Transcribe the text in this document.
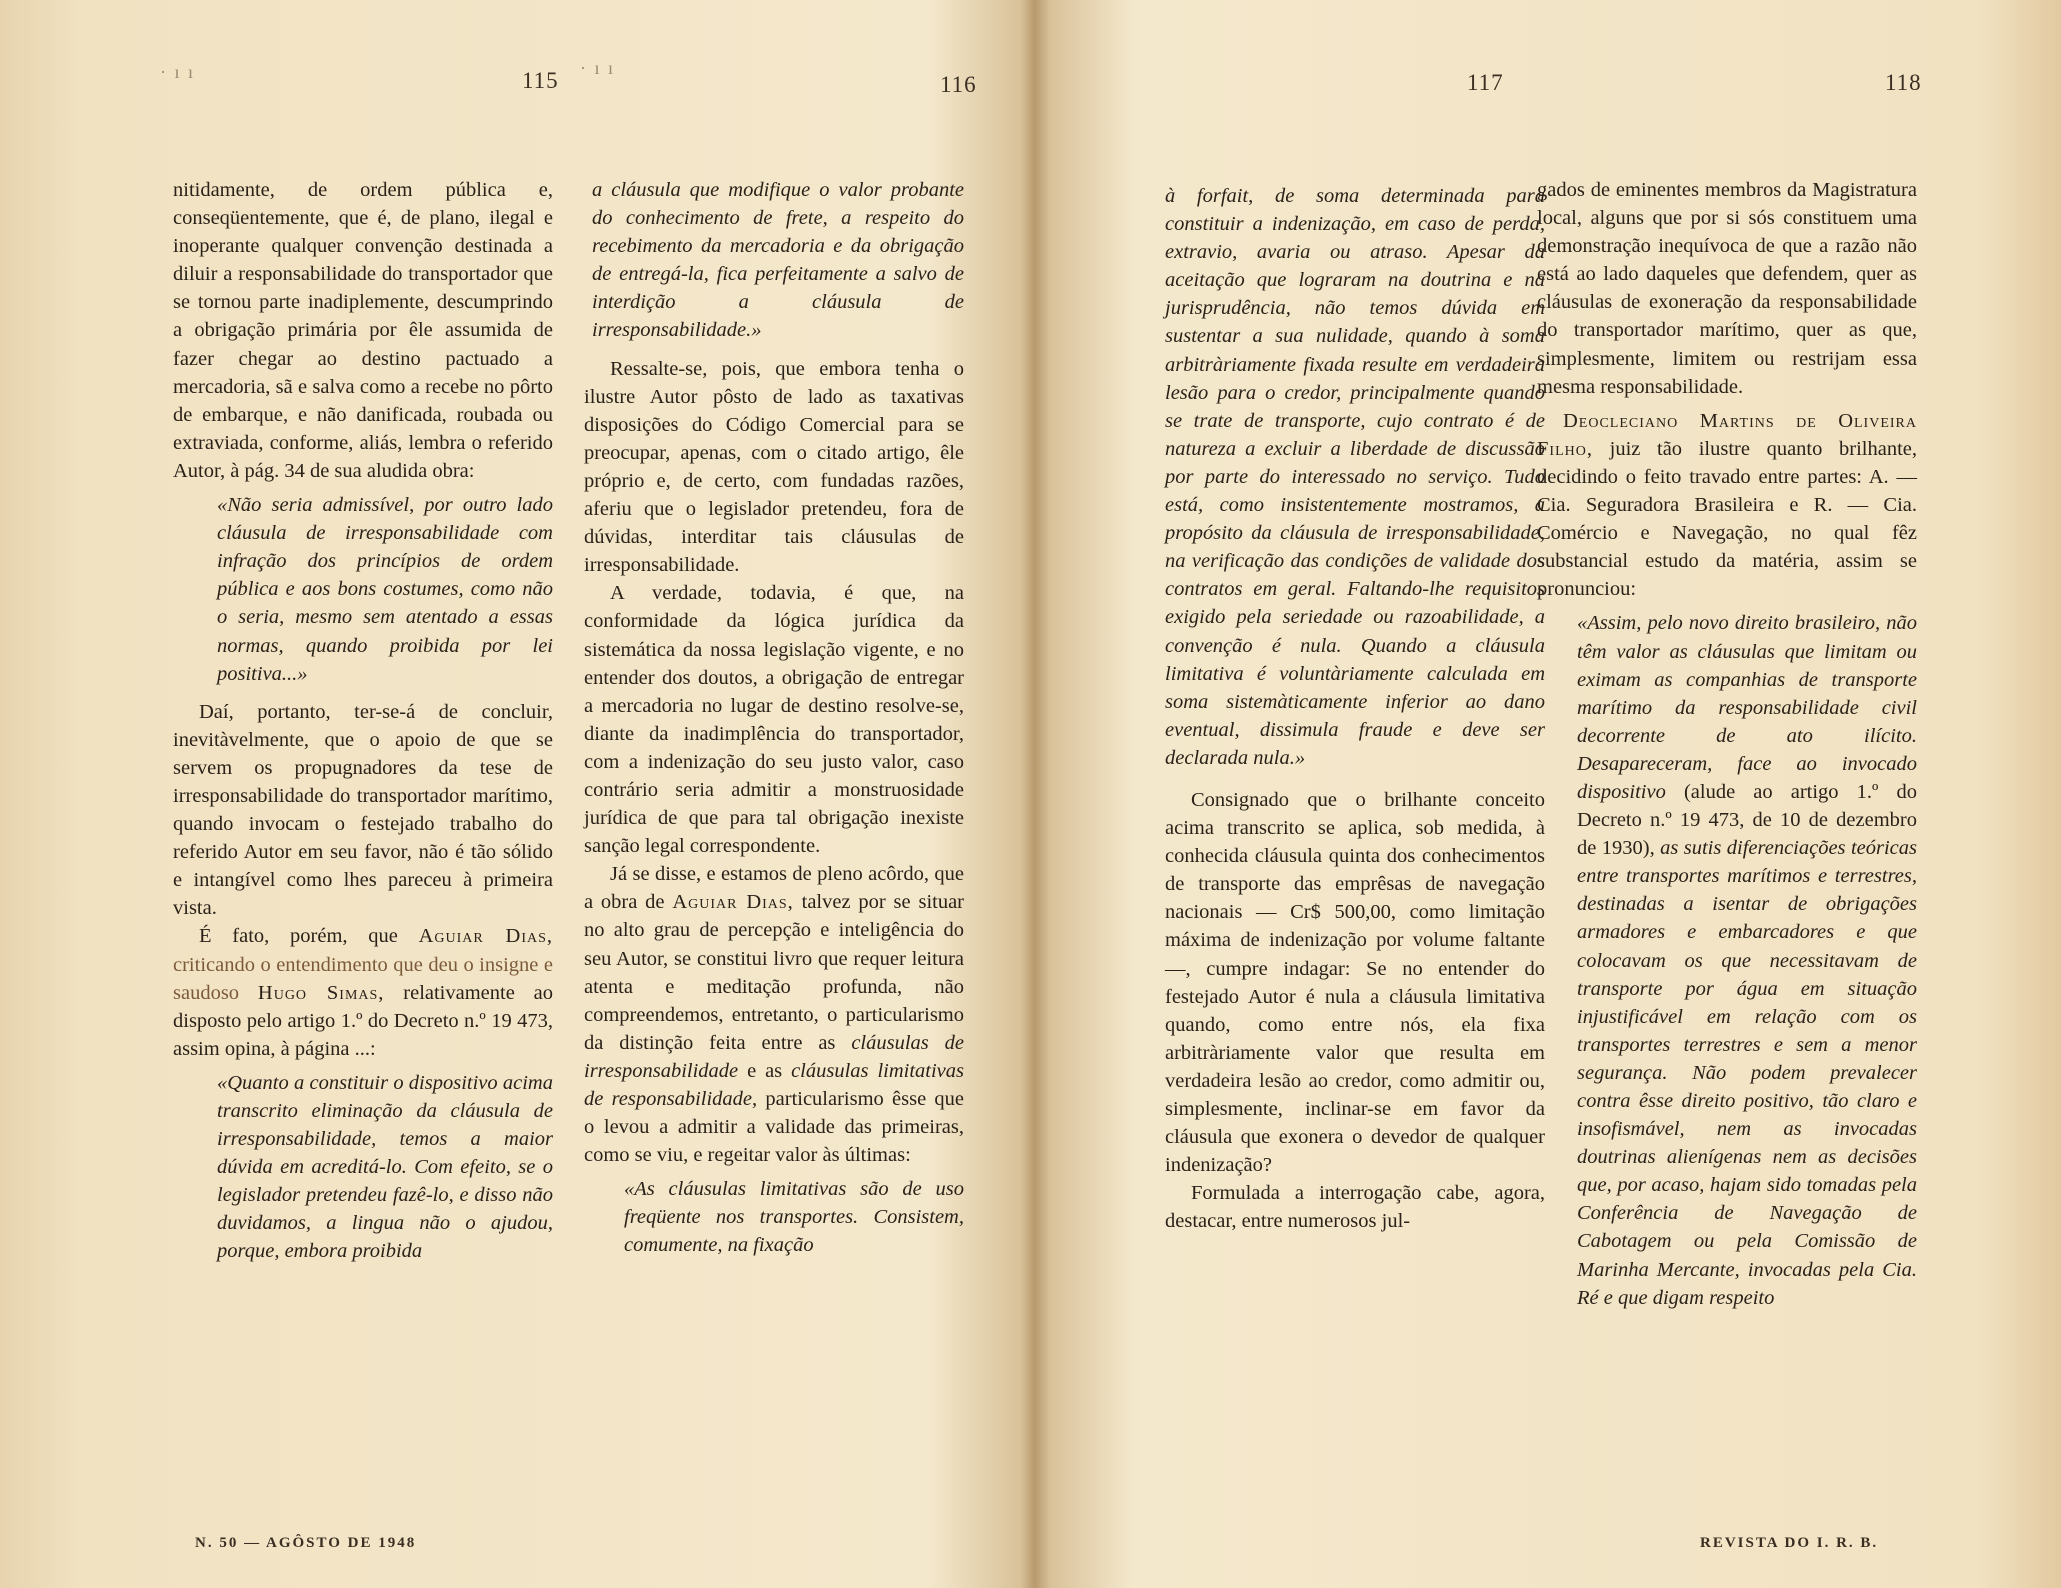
· ı ı	115 · ı ı
116

nitidamente, de ordem pública e, conseqüentemente, que é, de plano, ilegal e inoperante qualquer convenção destinada a diluir a responsabilidade do transportador que se tornou parte inadiplemente, descumprindo a obrigação primária por êle assumida de fazer chegar ao destino pactuado a mercadoria, sã e salva como a recebe no pôrto de embarque, e não danificada, roubada ou extraviada, conforme, aliás, lembra o referido Autor, à pág. 34 de sua aludida obra:

«Não seria admissível, por outro lado cláusula de irresponsabilidade com infração dos princípios de ordem pública e aos bons costumes, como não o seria, mesmo sem atentado a essas normas, quando proibida por lei positiva...»

Daí, portanto, ter-se-á de concluir, inevitàvelmente, que o apoio de que se servem os propugnadores da tese de irresponsabilidade do transportador marítimo, quando invocam o festejado trabalho do referido Autor em seu favor, não é tão sólido e intangível como lhes pareceu à primeira vista.

É fato, porém, que Aguiar Dias, criticando o entendimento que deu o insigne e saudoso Hugo Simas, relativamente ao disposto pelo artigo 1.º do Decreto n.º 19 473, assim opina, à página ...:

«Quanto a constituir o dispositivo acima transcrito eliminação da cláusula de irresponsabilidade, temos a maior dúvida em acreditá-lo. Com efeito, se o legislador pretendeu fazê-lo, e disso não duvidamos, a lingua não o ajudou, porque, embora proibida

a cláusula que modifique o valor probante do conhecimento de frete, a respeito do recebimento da mercadoria e da obrigação de entregá-la, fica perfeitamente a salvo de interdição a cláusula de irresponsabilidade.»

Ressalte-se, pois, que embora tenha o ilustre Autor pôsto de lado as taxativas disposições do Código Comercial para se preocupar, apenas, com o citado artigo, êle próprio e, de certo, com fundadas razões, aferiu que o legislador pretendeu, fora de dúvidas, interditar tais cláusulas de irresponsabilidade.

A verdade, todavia, é que, na conformidade da lógica jurídica da sistemática da nossa legislação vigente, e no entender dos doutos, a obrigação de entregar a mercadoria no lugar de destino resolve-se, diante da inadimplência do transportador, com a indenização do seu justo valor, caso contrário seria admitir a monstruosidade jurídica de que para tal obrigação inexiste sanção legal correspondente.

Já se disse, e estamos de pleno acôrdo, que a obra de Aguiar Dias, talvez por se situar no alto grau de percepção e inteligência do seu Autor, se constitui livro que requer leitura atenta e meditação profunda, não compreendemos, entretanto, o particularismo da distinção feita entre as cláusulas de irresponsabilidade e as cláusulas limitativas de responsabilidade, particularismo êsse que o levou a admitir a validade das primeiras, como se viu, e regeitar valor às últimas:

«As cláusulas limitativas são de uso freqüente nos transportes. Consistem, comumente, na fixação

N. 50 — AGÔSTO DE 1948
117	118

à forfait, de soma determinada para constituir a indenização, em caso de perda, extravio, avaria ou atraso. Apesar da aceitação que lograram na doutrina e na jurisprudência, não temos dúvida em sustentar a sua nulidade, quando à soma arbitràriamente fixada resulte em verdadeira lesão para o credor, principalmente quando se trate de transporte, cujo contrato é de natureza a excluir a liberdade de discussão por parte do interessado no serviço. Tudo está, como insistentemente mostramos, a propósito da cláusula de irresponsabilidade, na verificação das condições de validade dos contratos em geral. Faltando-lhe requisitos exigido pela seriedade ou razoabilidade, a convenção é nula. Quando a cláusula limitativa é voluntàriamente calculada em soma sistemàticamente inferior ao dano eventual, dissimula fraude e deve ser declarada nula.»

Consignado que o brilhante conceito acima transcrito se aplica, sob medida, à conhecida cláusula quinta dos conhecimentos de transporte das emprêsas de navegação nacionais — Cr$ 500,00, como limitação máxima de indenização por volume faltante —, cumpre indagar: Se no entender do festejado Autor é nula a cláusula limitativa quando, como entre nós, ela fixa arbitràriamente valor que resulta em verdadeira lesão ao credor, como admitir ou, simplesmente, inclinar-se em favor da cláusula que exonera o devedor de qualquer indenização?

Formulada a interrogação cabe, agora, destacar, entre numerosos jul-

gados de eminentes membros da Magistratura local, alguns que por si sós constituem uma demonstração inequívoca de que a razão não está ao lado daqueles que defendem, quer as cláusulas de exoneração da responsabilidade do transportador marítimo, quer as que, simplesmente, limitem ou restrijam essa mesma responsabilidade.

Deocleciano Martins de Oliveira Filho, juiz tão ilustre quanto brilhante, decidindo o feito travado entre partes: A. — Cia. Seguradora Brasileira e R. — Cia. Comércio e Navegação, no qual fêz substancial estudo da matéria, assim se pronunciou:

«Assim, pelo novo direito brasileiro, não têm valor as cláusulas que limitam ou eximam as companhias de transporte marítimo da responsabilidade civil decorrente de ato ilícito. Desapareceram, face ao invocado dispositivo (alude ao artigo 1.º do Decreto n.º 19 473, de 10 de dezembro de 1930), as sutis diferenciações teóricas entre transportes marítimos e terrestres, destinadas a isentar de obrigações armadores e embarcadores e que colocavam os que necessitavam de transporte por água em situação injustificável em relação com os transportes terrestres e sem a menor segurança. Não podem prevalecer contra êsse direito positivo, tão claro e insofismável, nem as invocadas doutrinas alienígenas nem as decisões que, por acaso, hajam sido tomadas pela Conferência de Navegação de Cabotagem ou pela Comissão de Marinha Mercante, invocadas pela Cia. Ré e que digam respeito

REVISTA DO I. R. B.
